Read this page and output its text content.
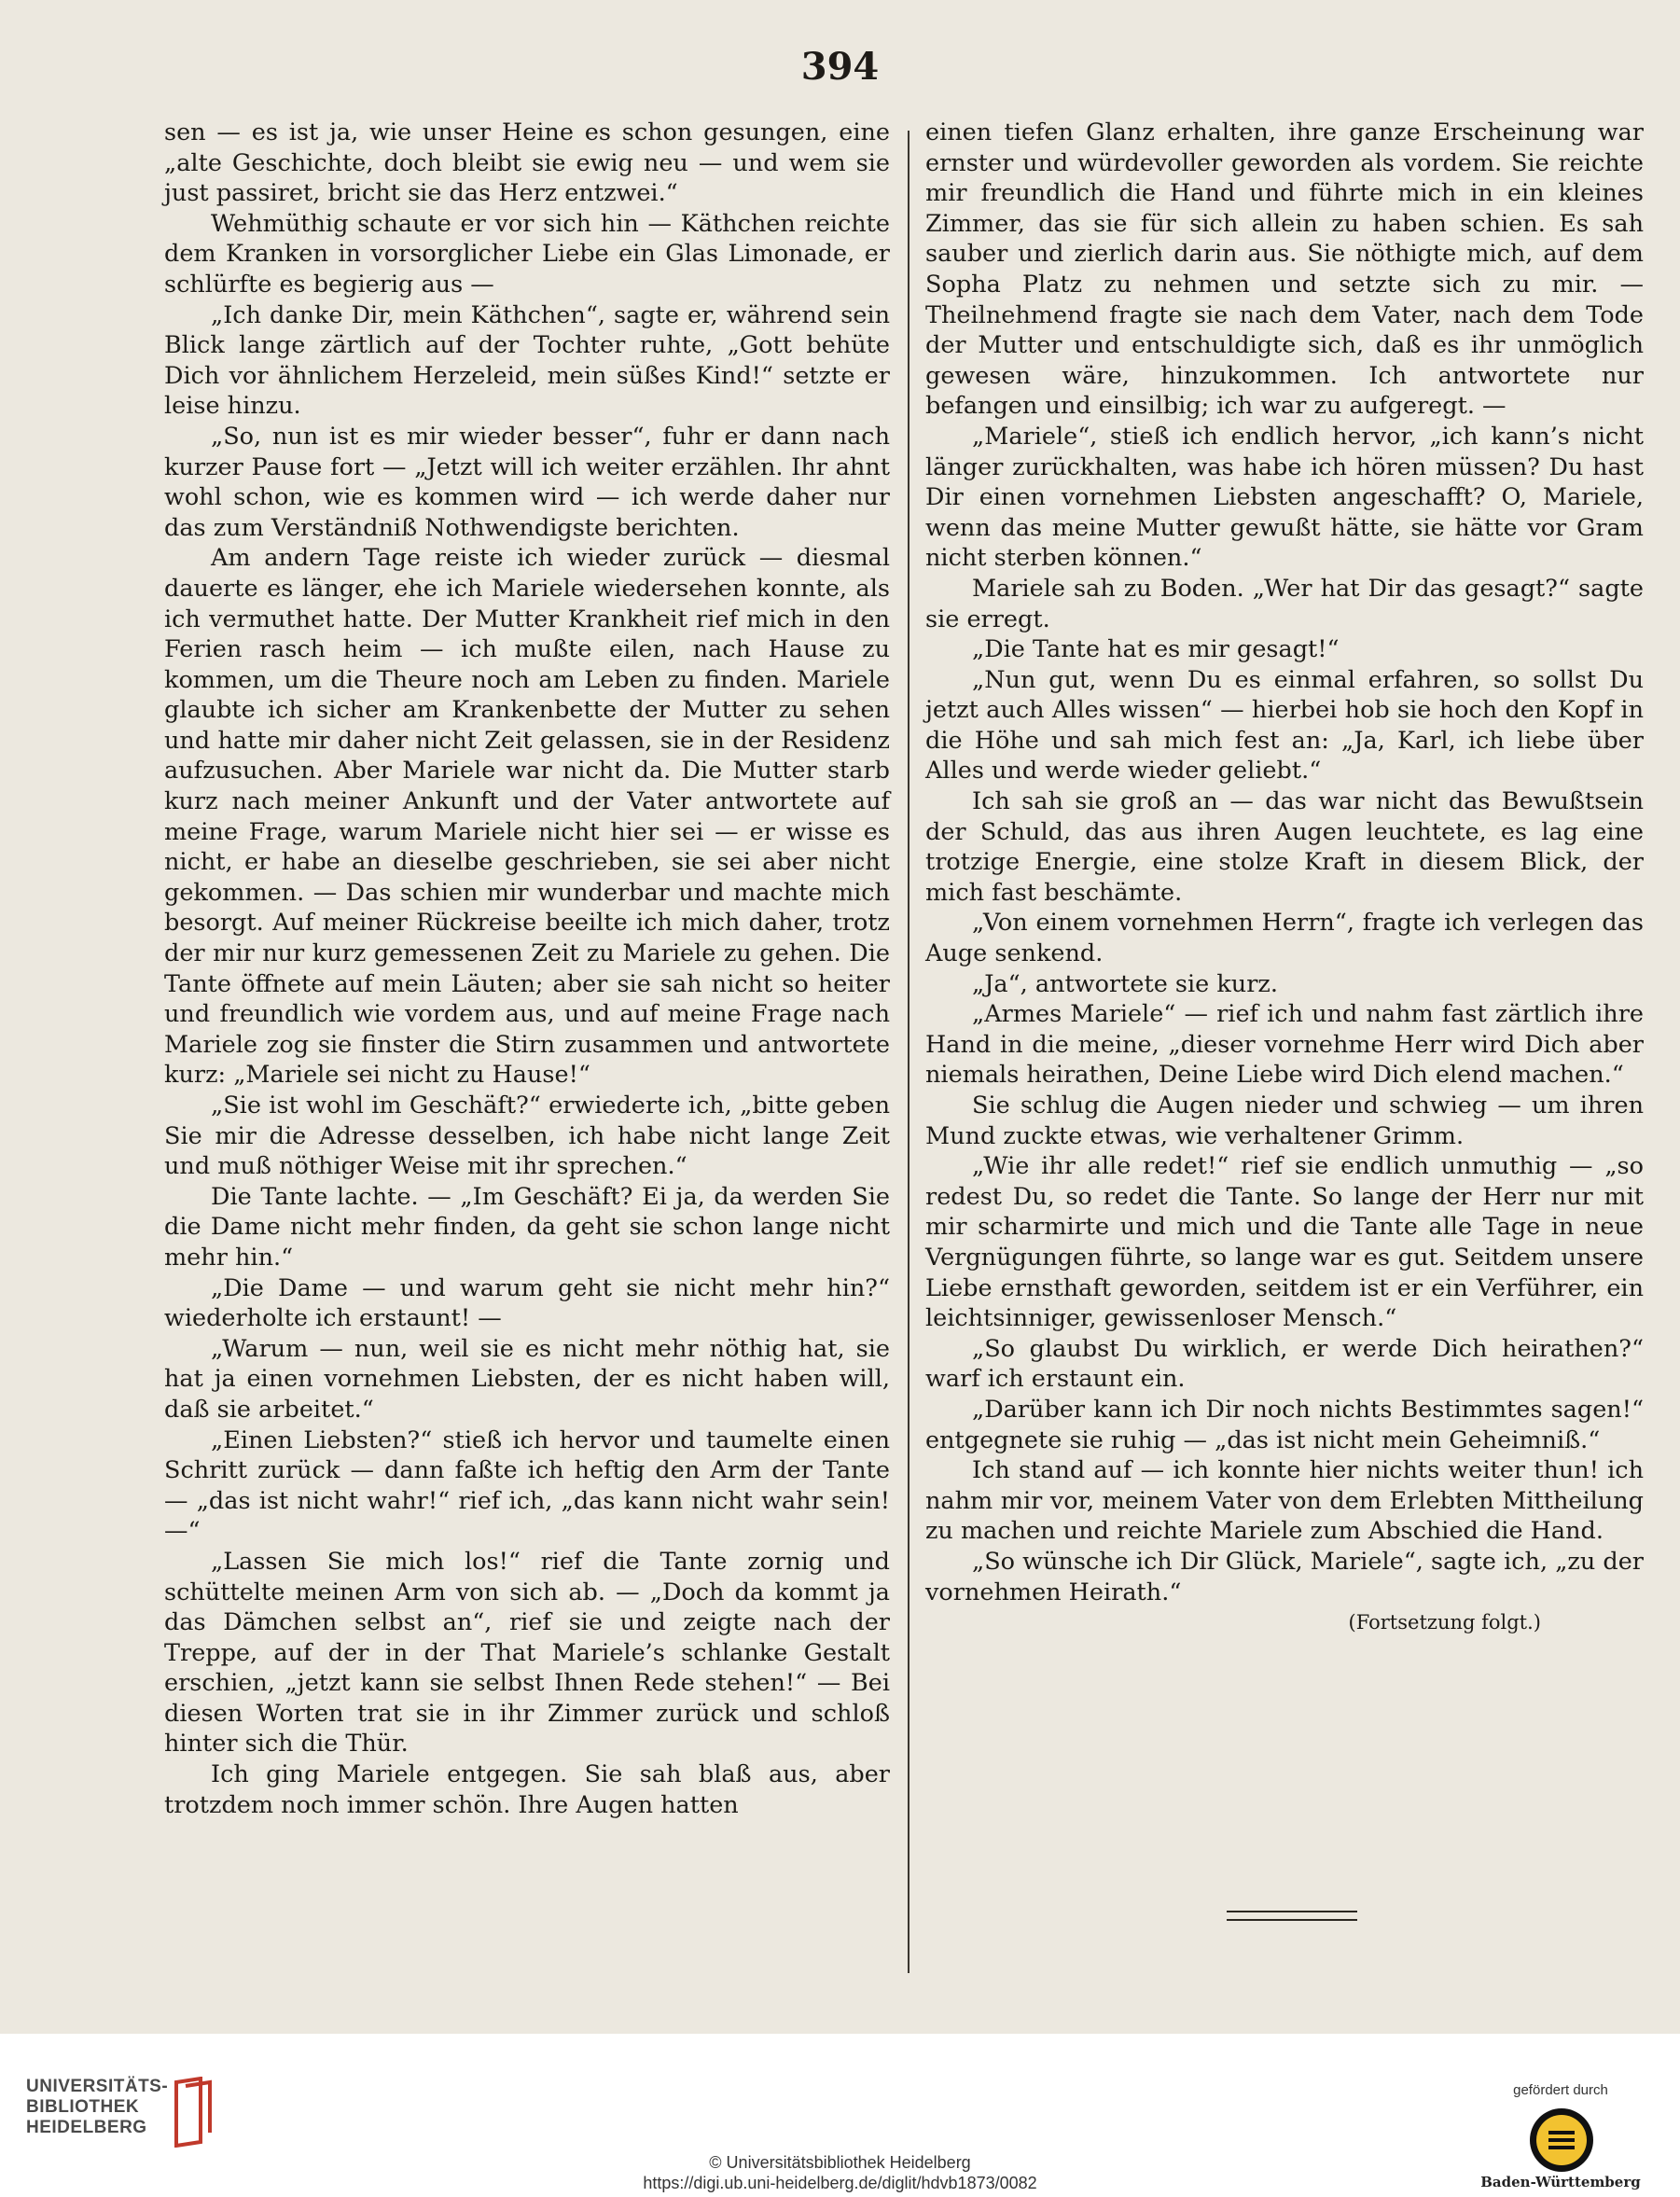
394

sen — es ist ja, wie unser Heine es schon gesungen, eine „alte Geschichte, doch bleibt sie ewig neu — und wem sie just passiret, bricht sie das Herz entzwei.“

Wehmüthig schaute er vor sich hin — Käthchen reichte dem Kranken in vorsorglicher Liebe ein Glas Limonade, er schlürfte es begierig aus —

„Ich danke Dir, mein Käthchen“, sagte er, während sein Blick lange zärtlich auf der Tochter ruhte, „Gott behüte Dich vor ähnlichem Herzeleid, mein süßes Kind!“ setzte er leise hinzu.

„So, nun ist es mir wieder besser“, fuhr er dann nach kurzer Pause fort — „Jetzt will ich weiter erzählen. Ihr ahnt wohl schon, wie es kommen wird — ich werde daher nur das zum Verständniß Nothwendigste berichten.

Am andern Tage reiste ich wieder zurück — diesmal dauerte es länger, ehe ich Mariele wiedersehen konnte, als ich vermuthet hatte. Der Mutter Krankheit rief mich in den Ferien rasch heim — ich mußte eilen, nach Hause zu kommen, um die Theure noch am Leben zu finden. Mariele glaubte ich sicher am Krankenbette der Mutter zu sehen und hatte mir daher nicht Zeit gelassen, sie in der Residenz aufzusuchen. Aber Mariele war nicht da. Die Mutter starb kurz nach meiner Ankunft und der Vater antwortete auf meine Frage, warum Mariele nicht hier sei — er wisse es nicht, er habe an dieselbe geschrieben, sie sei aber nicht gekommen. — Das schien mir wunderbar und machte mich besorgt. Auf meiner Rückreise beeilte ich mich daher, trotz der mir nur kurz gemessenen Zeit zu Mariele zu gehen. Die Tante öffnete auf mein Läuten; aber sie sah nicht so heiter und freundlich wie vordem aus, und auf meine Frage nach Mariele zog sie finster die Stirn zusammen und antwortete kurz: „Mariele sei nicht zu Hause!“

„Sie ist wohl im Geschäft?“ erwiederte ich, „bitte geben Sie mir die Adresse desselben, ich habe nicht lange Zeit und muß nöthiger Weise mit ihr sprechen.“

Die Tante lachte. — „Im Geschäft? Ei ja, da werden Sie die Dame nicht mehr finden, da geht sie schon lange nicht mehr hin.“

„Die Dame — und warum geht sie nicht mehr hin?“ wiederholte ich erstaunt! —

„Warum — nun, weil sie es nicht mehr nöthig hat, sie hat ja einen vornehmen Liebsten, der es nicht haben will, daß sie arbeitet.“

„Einen Liebsten?“ stieß ich hervor und taumelte einen Schritt zurück — dann faßte ich heftig den Arm der Tante — „das ist nicht wahr!“ rief ich, „das kann nicht wahr sein! —“

„Lassen Sie mich los!“ rief die Tante zornig und schüttelte meinen Arm von sich ab. — „Doch da kommt ja das Dämchen selbst an“, rief sie und zeigte nach der Treppe, auf der in der That Mariele’s schlanke Gestalt erschien, „jetzt kann sie selbst Ihnen Rede stehen!“ — Bei diesen Worten trat sie in ihr Zimmer zurück und schloß hinter sich die Thür.

Ich ging Mariele entgegen. Sie sah blaß aus, aber trotzdem noch immer schön. Ihre Augen hatten

einen tiefen Glanz erhalten, ihre ganze Erscheinung war ernster und würdevoller geworden als vordem. Sie reichte mir freundlich die Hand und führte mich in ein kleines Zimmer, das sie für sich allein zu haben schien. Es sah sauber und zierlich darin aus. Sie nöthigte mich, auf dem Sopha Platz zu nehmen und setzte sich zu mir. — Theilnehmend fragte sie nach dem Vater, nach dem Tode der Mutter und entschuldigte sich, daß es ihr unmöglich gewesen wäre, hinzukommen. Ich antwortete nur befangen und einsilbig; ich war zu aufgeregt. —

„Mariele“, stieß ich endlich hervor, „ich kann’s nicht länger zurückhalten, was habe ich hören müssen? Du hast Dir einen vornehmen Liebsten angeschafft? O, Mariele, wenn das meine Mutter gewußt hätte, sie hätte vor Gram nicht sterben können.“

Mariele sah zu Boden. „Wer hat Dir das gesagt?“ sagte sie erregt.

„Die Tante hat es mir gesagt!“

„Nun gut, wenn Du es einmal erfahren, so sollst Du jetzt auch Alles wissen“ — hierbei hob sie hoch den Kopf in die Höhe und sah mich fest an: „Ja, Karl, ich liebe über Alles und werde wieder geliebt.“

Ich sah sie groß an — das war nicht das Bewußtsein der Schuld, das aus ihren Augen leuchtete, es lag eine trotzige Energie, eine stolze Kraft in diesem Blick, der mich fast beschämte.

„Von einem vornehmen Herrn“, fragte ich verlegen das Auge senkend.

„Ja“, antwortete sie kurz.

„Armes Mariele“ — rief ich und nahm fast zärtlich ihre Hand in die meine, „dieser vornehme Herr wird Dich aber niemals heirathen, Deine Liebe wird Dich elend machen.“

Sie schlug die Augen nieder und schwieg — um ihren Mund zuckte etwas, wie verhaltener Grimm.

„Wie ihr alle redet!“ rief sie endlich unmuthig — „so redest Du, so redet die Tante. So lange der Herr nur mit mir scharmirte und mich und die Tante alle Tage in neue Vergnügungen führte, so lange war es gut. Seitdem unsere Liebe ernsthaft geworden, seitdem ist er ein Verführer, ein leichtsinniger, gewissenloser Mensch.“

„So glaubst Du wirklich, er werde Dich heirathen?“ warf ich erstaunt ein.

„Darüber kann ich Dir noch nichts Bestimmtes sagen!“ entgegnete sie ruhig — „das ist nicht mein Geheimniß.“

Ich stand auf — ich konnte hier nichts weiter thun! ich nahm mir vor, meinem Vater von dem Erlebten Mittheilung zu machen und reichte Mariele zum Abschied die Hand.

„So wünsche ich Dir Glück, Mariele“, sagte ich, „zu der vornehmen Heirath.“

(Fortsetzung folgt.)

UNIVERSITÄTS-
BIBLIOTHEK
HEIDELBERG
© Universitätsbibliothek Heidelberg
https://digi.ub.uni-heidelberg.de/diglit/hdvb1873/0082
gefördert durch
Baden-Württemberg
